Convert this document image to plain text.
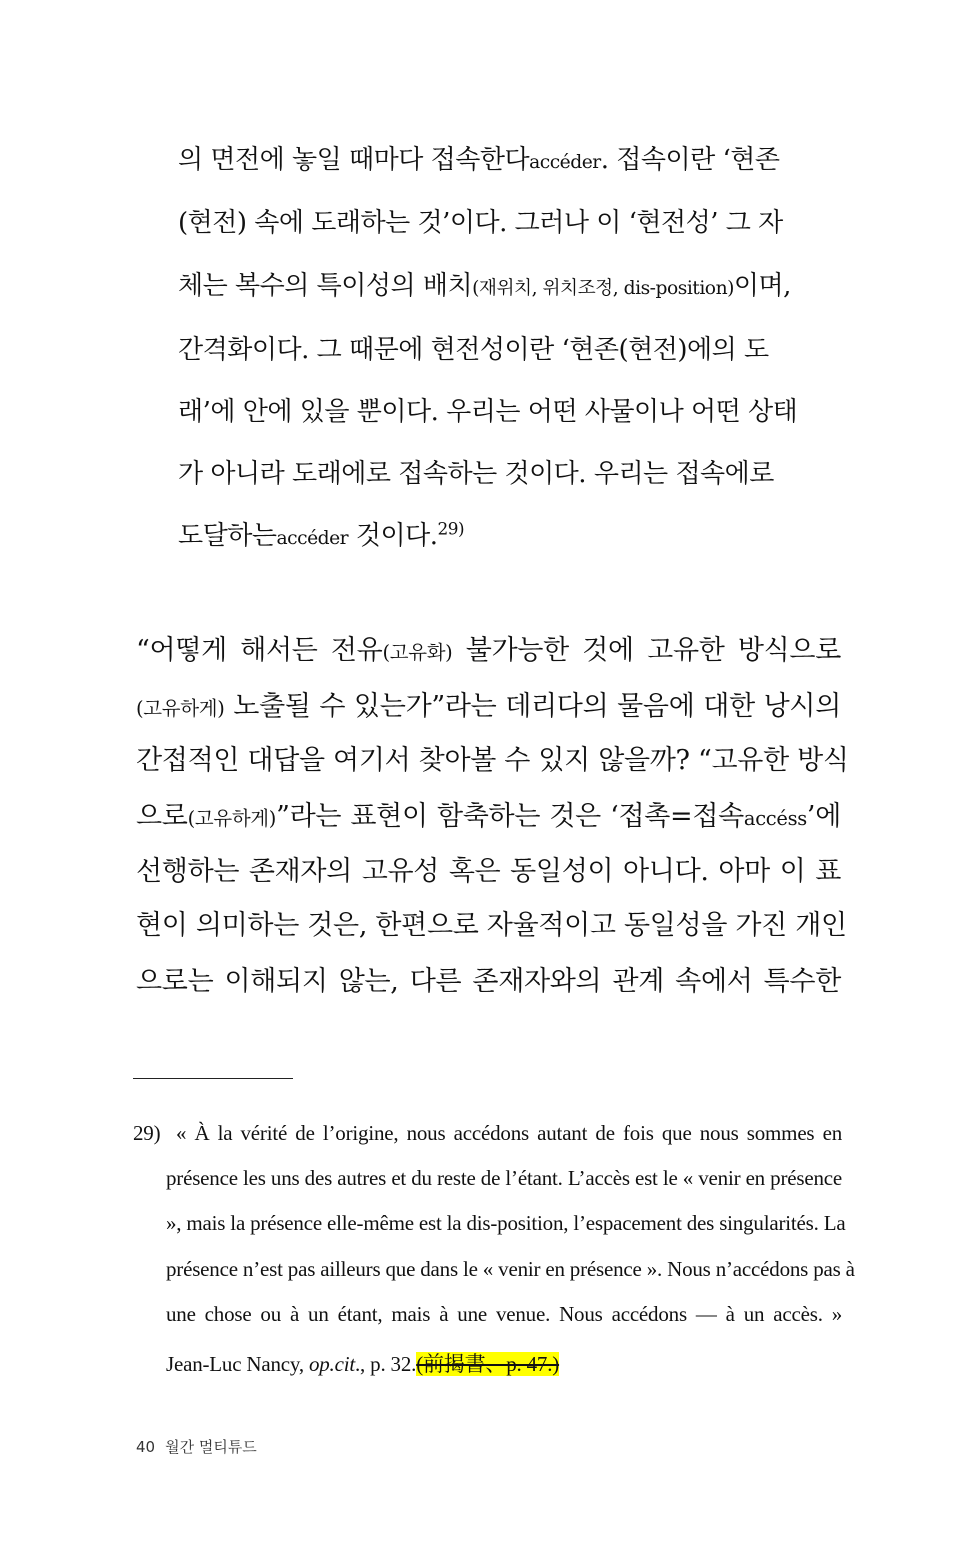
의 면전에 놓일 때마다 접속한다accéder. 접속이란 ‘현존
(현전) 속에 도래하는 것’이다. 그러나 이 ‘현전성’ 그 자
체는 복수의 특이성의 배치(재위치, 위치조정, dis-position)이며,
간격화이다. 그 때문에 현전성이란 ‘현존(현전)에의 도
래’에 안에 있을 뿐이다. 우리는 어떤 사물이나 어떤 상태
가 아니라 도래에로 접속하는 것이다. 우리는 접속에로
도달하는accéder 것이다.$^{29)}$
“어떻게 해서든 전유(고유화) 불가능한 것에 고유한 방식으로
(고유하게) 노출될 수 있는가”라는 데리다의 물음에 대한 낭시의
간접적인 대답을 여기서 찾아볼 수 있지 않을까? “고유한 방식
으로(고유하게)”라는 표현이 함축하는 것은 ‘접촉=접속accéss’에
선행하는 존재자의 고유성 혹은 동일성이 아니다. 아마 이 표
현이 의미하는 것은, 한편으로 자율적이고 동일성을 가진 개인
으로는 이해되지 않는, 다른 존재자와의 관계 속에서 특수한
29) « À la vérité de l’origine, nous accédons autant de fois que nous sommes en
présence les uns des autres et du reste de l’étant. L’accès est le « venir en présence
», mais la présence elle-même est la dis-position, l’espacement des singularités. La
présence n’est pas ailleurs que dans le « venir en présence ». Nous n’accédons pas à
une chose ou à un étant, mais à une venue. Nous accédons — à un accès. »
Jean-Luc Nancy, op.cit., p. 32.(前揭書、p. 47.)
40 월간 멀티튜드
